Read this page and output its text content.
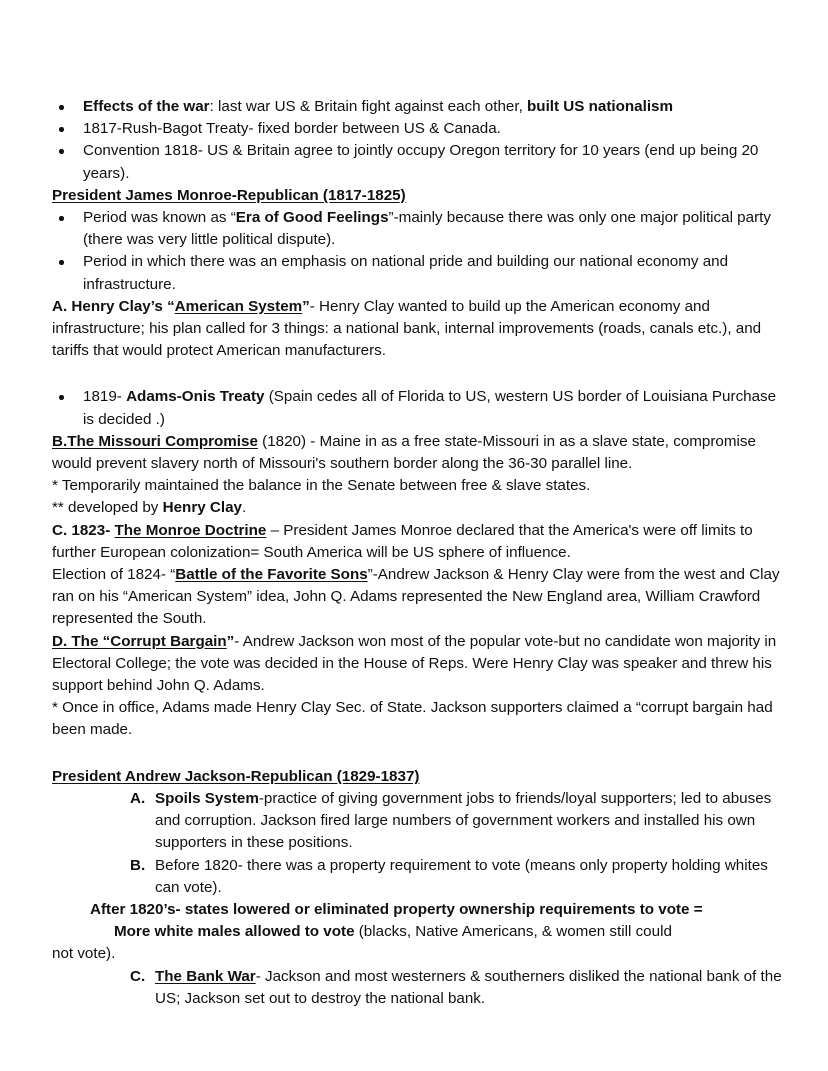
Effects of the war: last war US & Britain fight against each other, built US nationalism
1817-Rush-Bagot Treaty- fixed border between US & Canada.
Convention 1818- US & Britain agree to jointly occupy Oregon territory for 10 years (end up being 20 years).
President James Monroe-Republican (1817-1825)
Period was known as “Era of Good Feelings”-mainly because there was only one major political party (there was very little political dispute).
Period in which there was an emphasis on national pride and building our national economy and infrastructure.

A. Henry Clay’s “American System”- Henry Clay wanted to build up the American economy and infrastructure; his plan called for 3 things: a national bank, internal improvements (roads, canals etc.), and tariffs that would protect American manufacturers.

1819- Adams-Onis Treaty (Spain cedes all of Florida to US, western US border of Louisiana Purchase is decided .)

B.The Missouri Compromise (1820) - Maine in as a free state-Missouri in as a slave state, compromise would prevent slavery north of Missouri's southern border along the 36-30 parallel line.

* Temporarily maintained the balance in the Senate between free & slave states.

** developed by Henry Clay.

C. 1823- The Monroe Doctrine – President James Monroe declared that the America's were off limits to further European colonization= South America will be US sphere of influence.

Election of 1824- “Battle of the Favorite Sons”-Andrew Jackson & Henry Clay were from the west and Clay ran on his “American System” idea, John Q. Adams represented the New England area, William Crawford represented the South.

D. The “Corrupt Bargain”- Andrew Jackson won most of the popular vote-but no candidate won majority in Electoral College; the vote was decided in the House of Reps. Were Henry Clay was speaker and threw his support behind John Q. Adams.

* Once in office, Adams made Henry Clay Sec. of State. Jackson supporters claimed a “corrupt bargain had been made.

President Andrew Jackson-Republican (1829-1837)
A. Spoils System-practice of giving government jobs to friends/loyal supporters; led to abuses and corruption. Jackson fired large numbers of government workers and installed his own supporters in these positions.
B. Before 1820- there was a property requirement to vote (means only property holding whites can vote).

After 1820’s- states lowered or eliminated property ownership requirements to vote =

More white males allowed to vote (blacks, Native Americans, & women still could

not vote).

C. The Bank War- Jackson and most westerners & southerners disliked the national bank of the US; Jackson set out to destroy the national bank.
